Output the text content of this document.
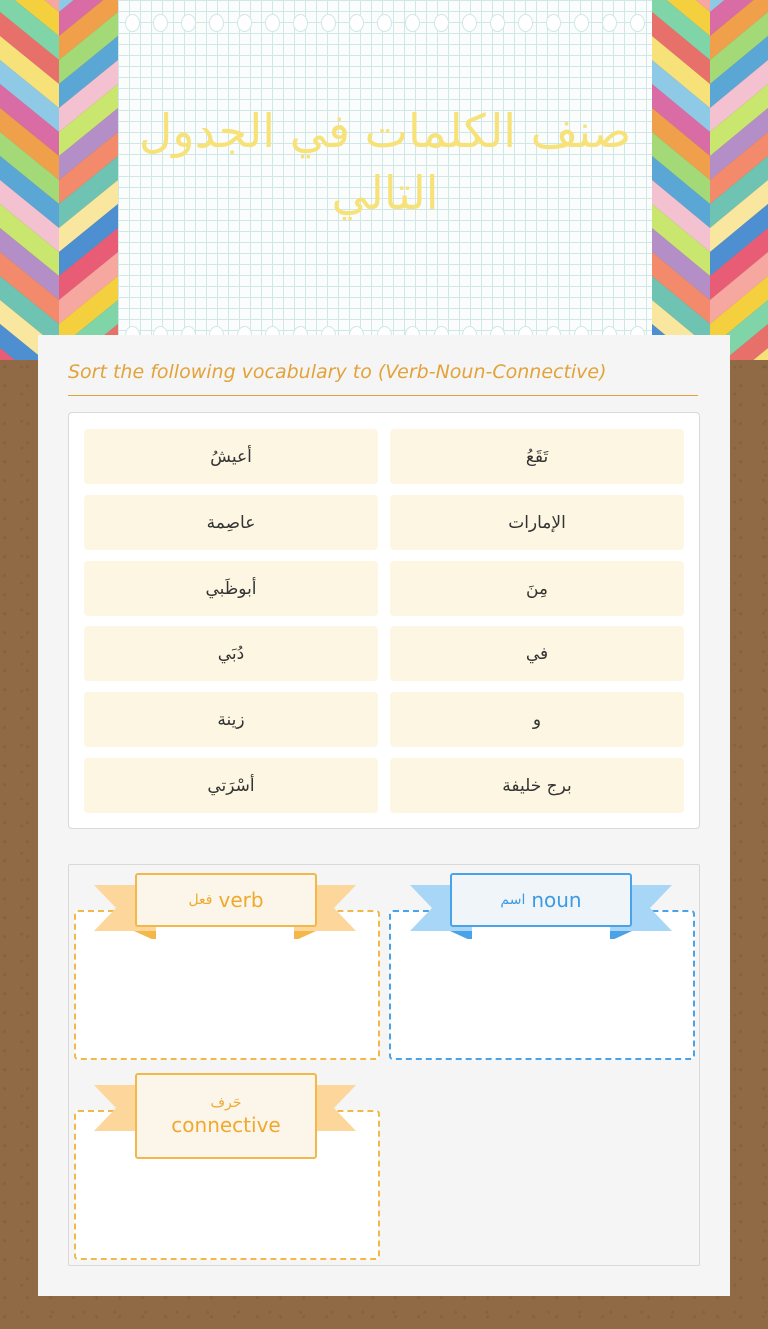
صنف الكلمات في الجدول التالي
Sort the following vocabulary to (Verb-Noun-Connective)
تَقَعُ
أعيشُ
الإمارات
عاصِمة
مِنَ
أبوظَبي
في
دُبَي
و
زينة
برج خليفة
أسْرَتي
فعل verb	اسم noun
حَرف
connective
